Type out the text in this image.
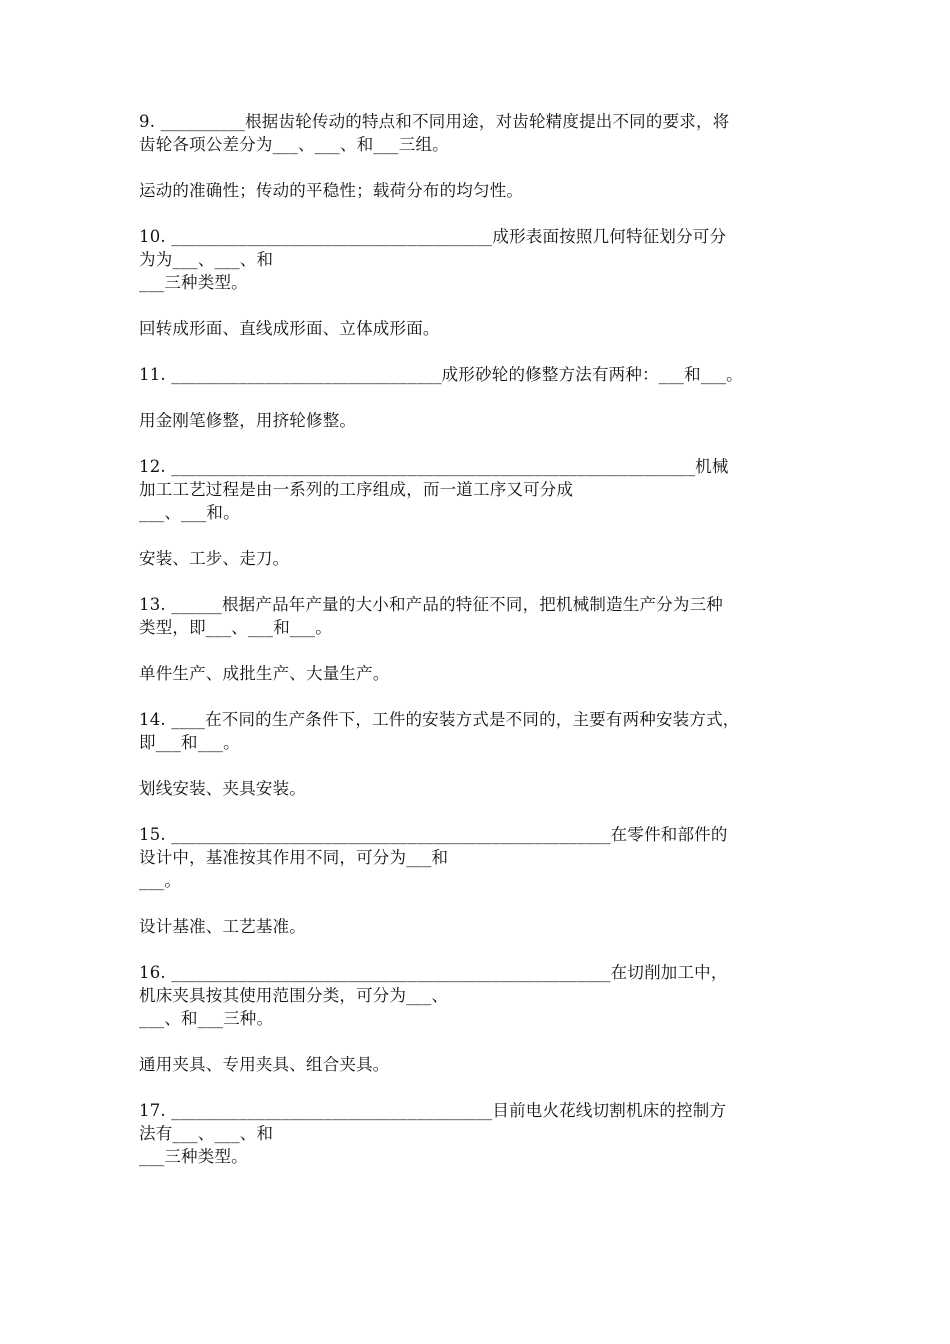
9. __________根据齿轮传动的特点和不同用途，对齿轮精度提出不同的要求，将

齿轮各项公差分为___、___、和___三组。

运动的准确性；传动的平稳性；载荷分布的均匀性。

10. ______________________________________成形表面按照几何特征划分可分

为为___、___、和

___三种类型。

回转成形面、直线成形面、立体成形面。

11. ________________________________成形砂轮的修整方法有两种：___和___。

用金刚笔修整，用挤轮修整。

12. ______________________________________________________________机械

加工工艺过程是由一系列的工序组成，而一道工序又可分成

___、___和。

安装、工步、走刀。

13. ______根据产品年产量的大小和产品的特征不同，把机械制造生产分为三种

类型，即___、___和___。

单件生产、成批生产、大量生产。

14. ____在不同的生产条件下，工件的安装方式是不同的，主要有两种安装方式，

即___和___。

划线安装、夹具安装。

15. ____________________________________________________在零件和部件的

设计中，基准按其作用不同，可分为___和

___。

设计基准、工艺基准。

16. ____________________________________________________在切削加工中，

机床夹具按其使用范围分类，可分为___、

___、和___三种。

通用夹具、专用夹具、组合夹具。

17. ______________________________________目前电火花线切割机床的控制方

法有___、___、和

___三种类型。
